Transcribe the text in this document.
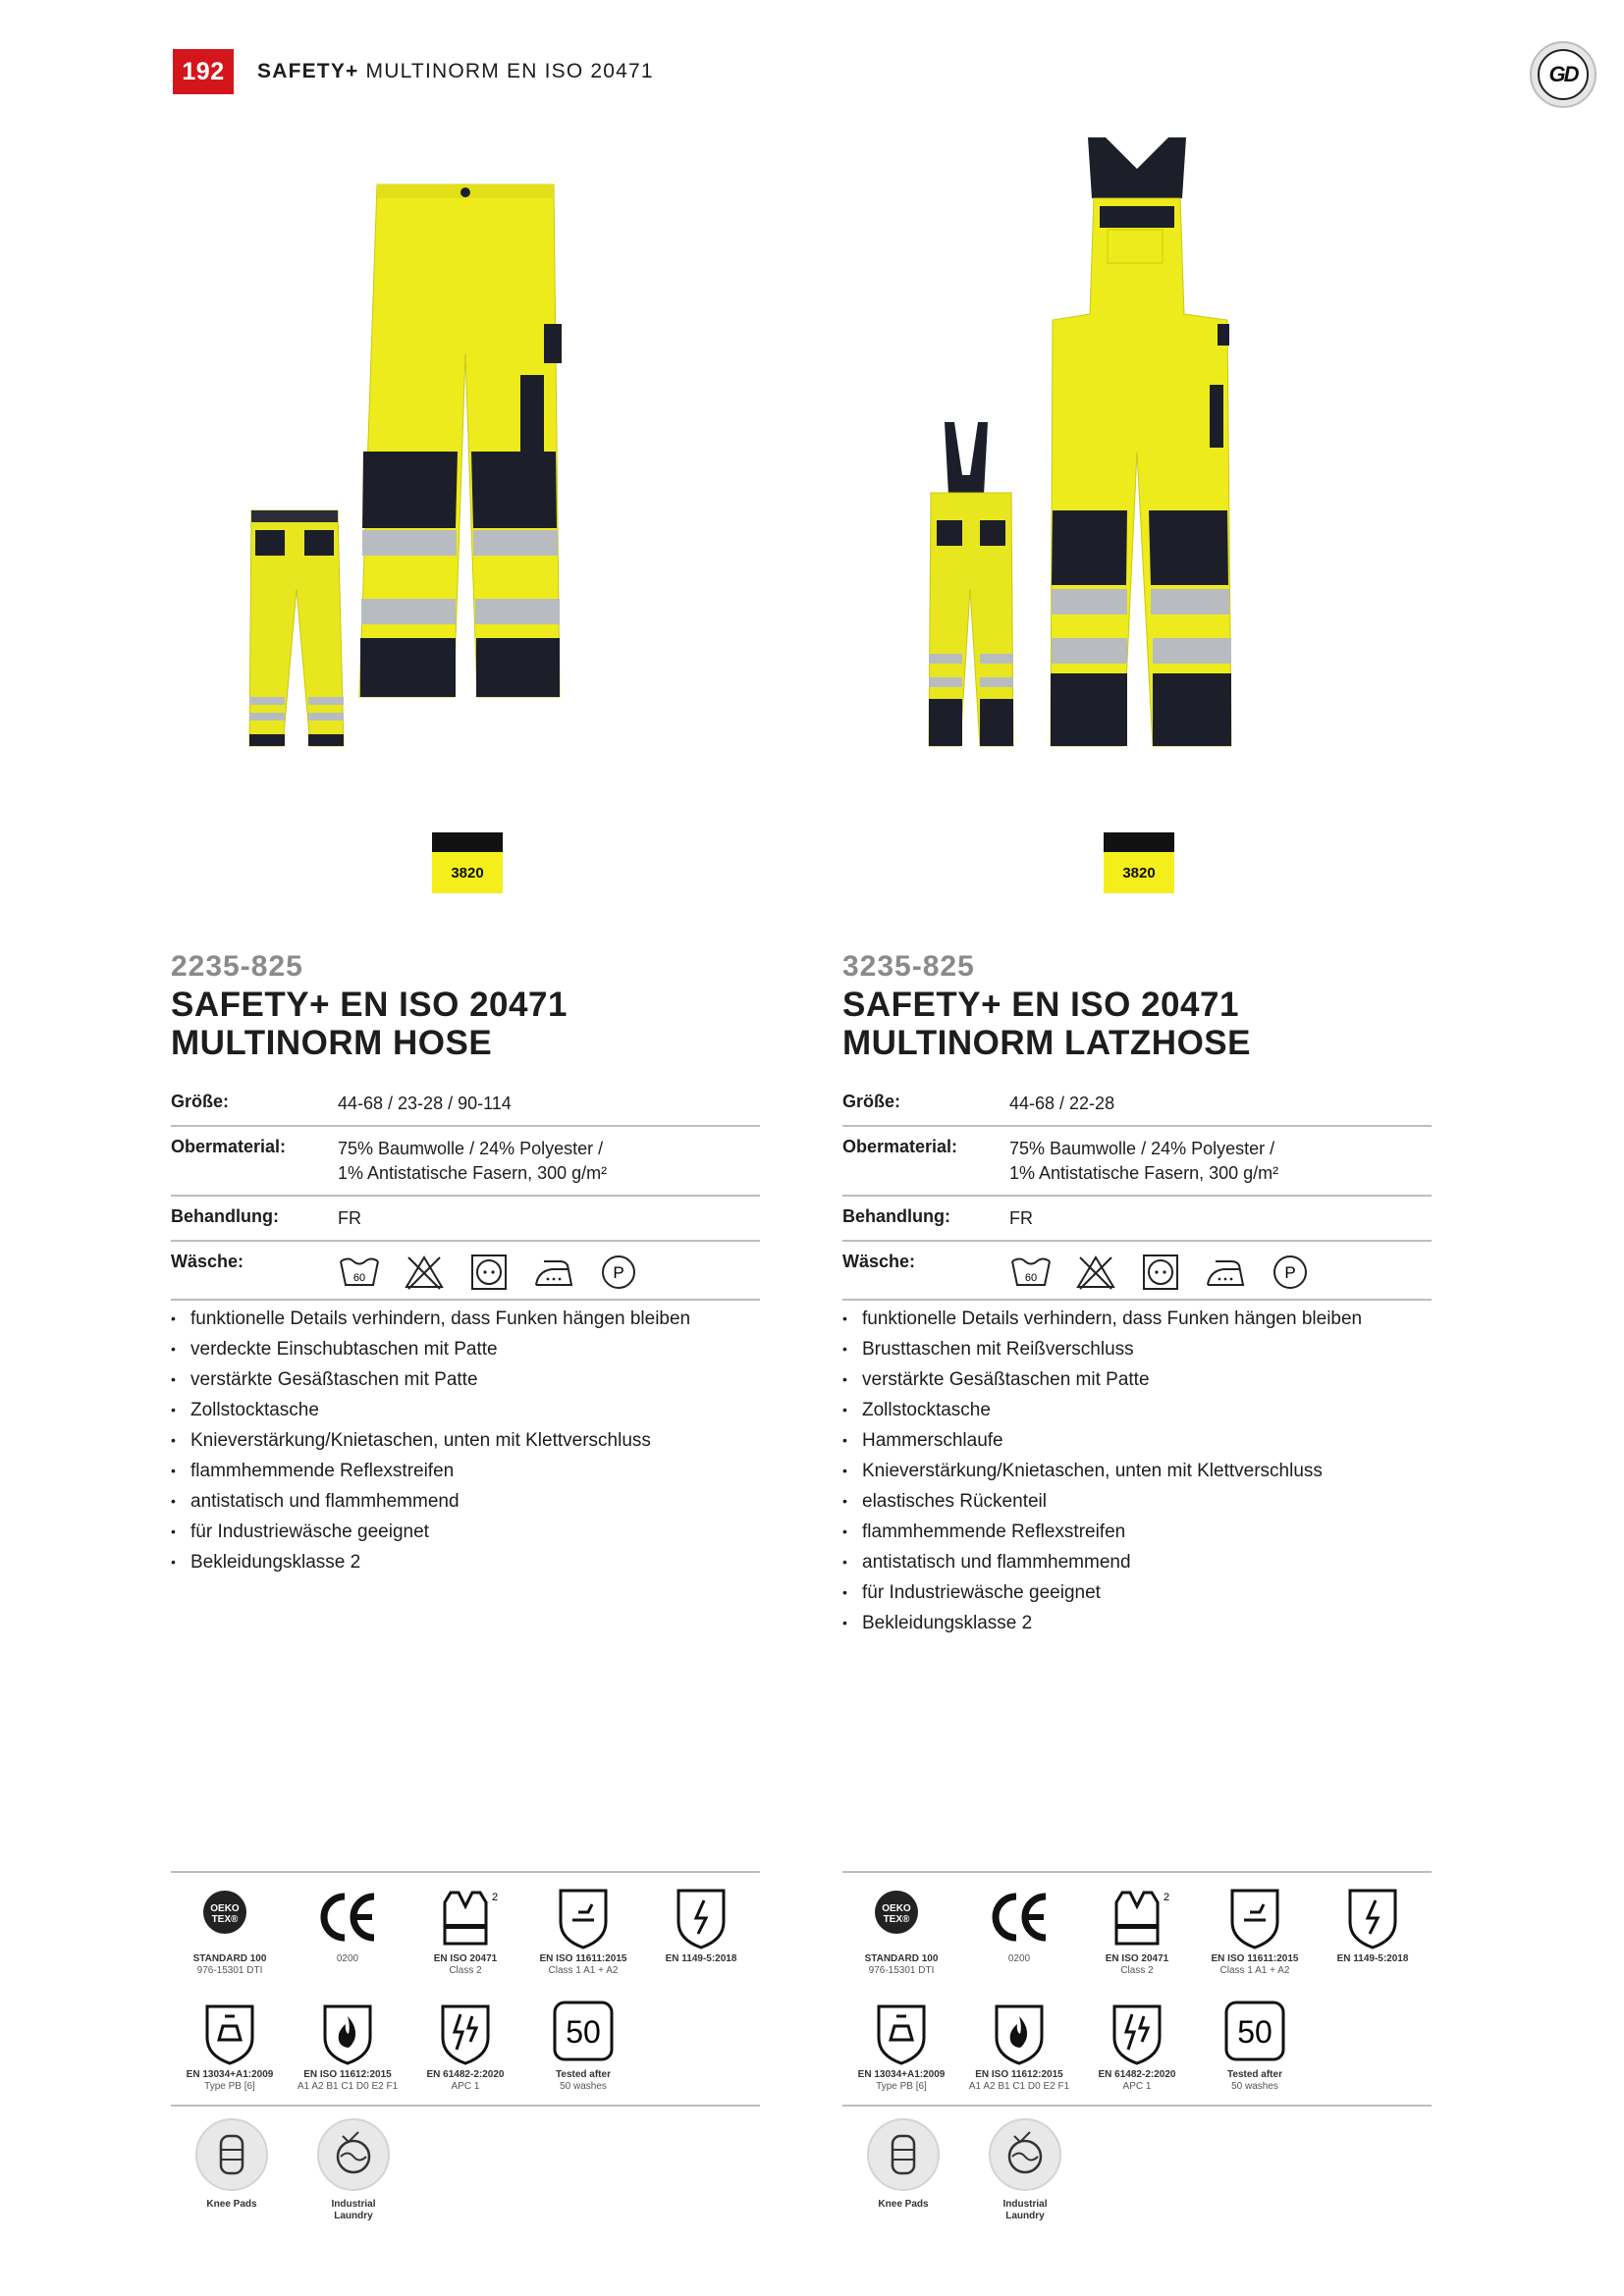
192	SAFETY+ MULTINORM EN ISO 20471	GD
3820
2235-825
SAFETY+ EN ISO 20471
MULTINORM HOSE
Größe:	44-68 / 23-28 / 90-114
Obermaterial:	75% Baumwolle / 24% Polyester /
1% Antistatische Fasern, 300 g/m²
Behandlung:	FR
Wäsche:
60	P
• funktionelle Details verhindern, dass Funken hängen bleiben
• verdeckte Einschubtaschen mit Patte
• verstärkte Gesäßtaschen mit Patte
• Zollstocktasche
• Knieverstärkung/Knietaschen, unten mit Klettverschluss
• flammhemmende Reflexstreifen
• antistatisch und flammhemmend
• für Industriewäsche geeignet
• Bekleidungsklasse 2
OEKO
TEX®
STANDARD 100
976-15301 DTI
0200
2
EN ISO 20471
Class 2
EN ISO 11611:2015
Class 1 A1 + A2
EN 1149-5:2018
EN 13034+A1:2009
Type PB [6]
EN ISO 11612:2015
A1 A2 B1 C1 D0 E2 F1
EN 61482-2:2020
APC 1
50
Tested after
50 washes
Knee Pads	Industrial
Laundry
3820
3235-825
SAFETY+ EN ISO 20471
MULTINORM LATZHOSE
Größe:	44-68 / 22-28
Obermaterial:	75% Baumwolle / 24% Polyester /
1% Antistatische Fasern, 300 g/m²
Behandlung:	FR
Wäsche:
60	P
• funktionelle Details verhindern, dass Funken hängen bleiben
• Brusttaschen mit Reißverschluss
• verstärkte Gesäßtaschen mit Patte
• Zollstocktasche
• Hammerschlaufe
• Knieverstärkung/Knietaschen, unten mit Klettverschluss
• elastisches Rückenteil
• flammhemmende Reflexstreifen
• antistatisch und flammhemmend
• für Industriewäsche geeignet
• Bekleidungsklasse 2
OEKO
TEX®
STANDARD 100
976-15301 DTI
0200
2
EN ISO 20471
Class 2
EN ISO 11611:2015
Class 1 A1 + A2
EN 1149-5:2018
EN 13034+A1:2009
Type PB [6]
EN ISO 11612:2015
A1 A2 B1 C1 D0 E2 F1
EN 61482-2:2020
APC 1
50
Tested after
50 washes
Knee Pads	Industrial
Laundry
